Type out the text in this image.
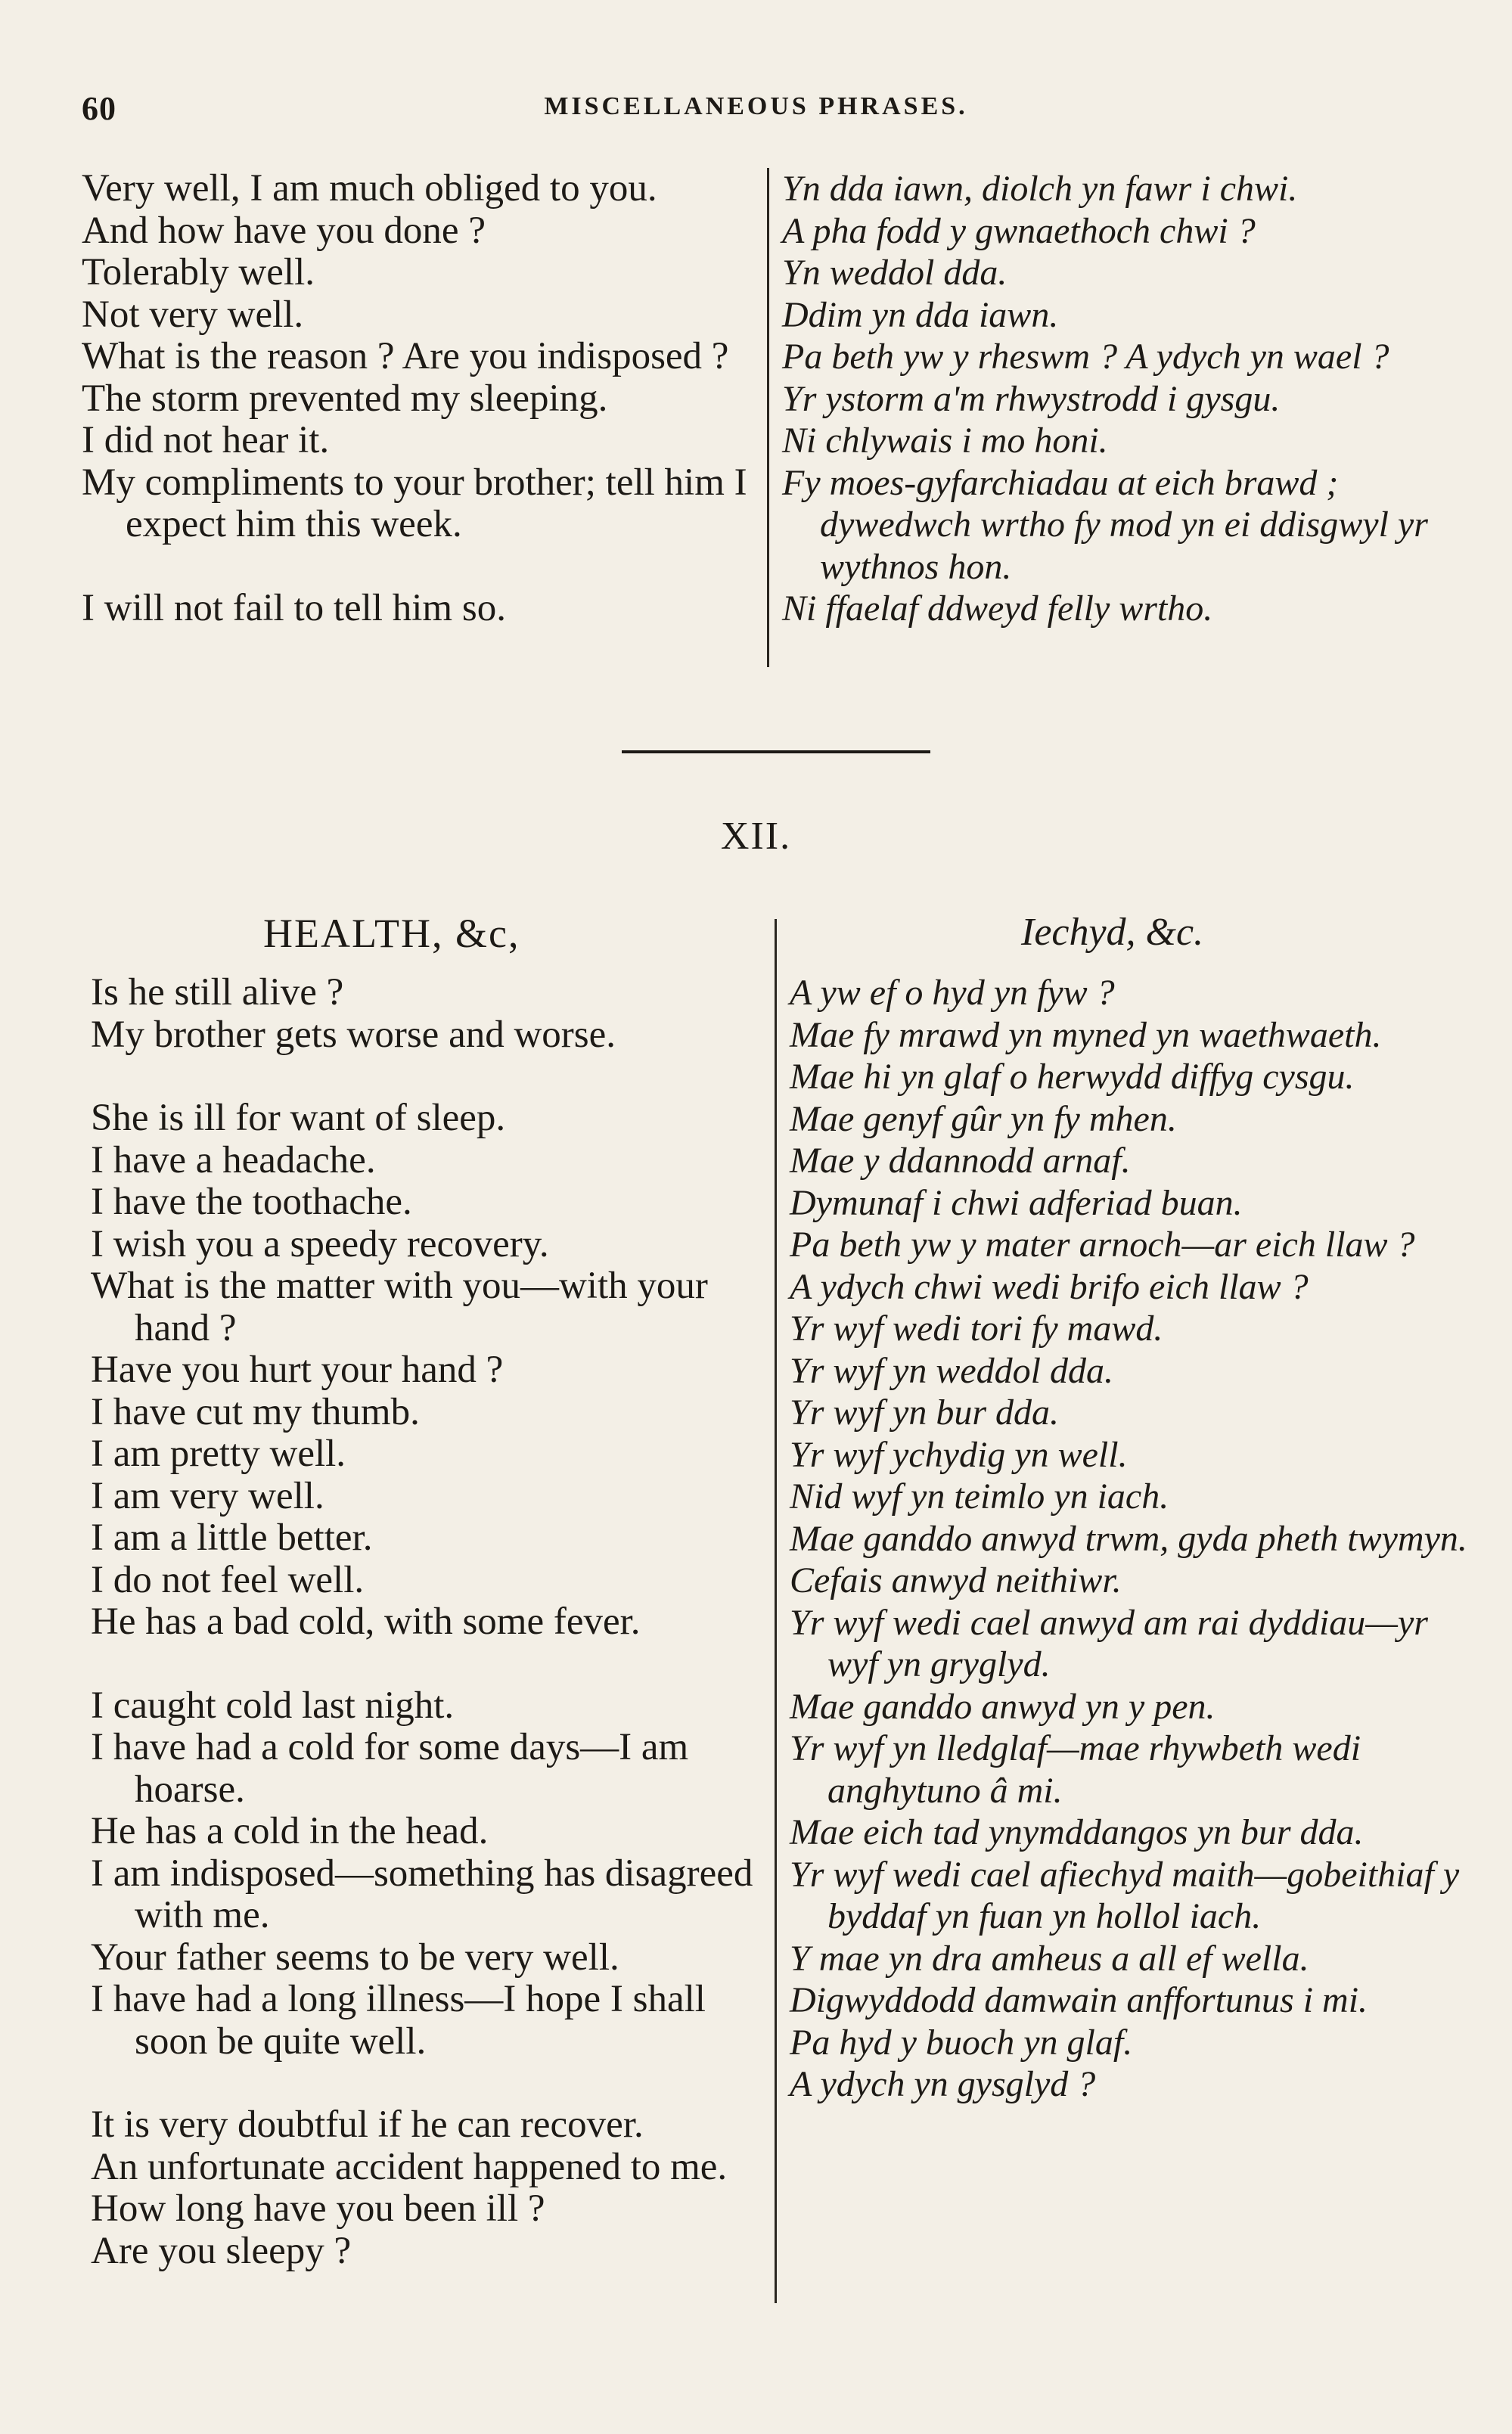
60	MISCELLANEOUS PHRASES.

Very well, I am much obliged to you.

And how have you done ?

Tolerably well.

Not very well.

What is the reason ? Are you indisposed ?

The storm prevented my sleeping.

I did not hear it.

My compliments to your brother; tell him I expect him this week.

I will not fail to tell him so.

Yn dda iawn, diolch yn fawr i chwi.

A pha fodd y gwnaethoch chwi ?

Yn weddol dda.

Ddim yn dda iawn.

Pa beth yw y rheswm ? A ydych yn wael ?

Yr ystorm a'm rhwystrodd i gysgu.

Ni chlywais i mo honi.

Fy moes-gyfarchiadau at eich brawd ; dywedwch wrtho fy mod yn ei ddisgwyl yr wythnos hon.

Ni ffaelaf ddweyd felly wrtho.

XII.
HEALTH, &c,	Iechyd, &c.

Is he still alive ?

My brother gets worse and worse.

She is ill for want of sleep.

I have a headache.

I have the toothache.

I wish you a speedy recovery.

What is the matter with you—with your hand ?

Have you hurt your hand ?

I have cut my thumb.

I am pretty well.

I am very well.

I am a little better.

I do not feel well.

He has a bad cold, with some fever.

I caught cold last night.

I have had a cold for some days—I am hoarse.

He has a cold in the head.

I am indisposed—something has disagreed with me.

Your father seems to be very well.

I have had a long illness—I hope I shall soon be quite well.

It is very doubtful if he can recover.

An unfortunate accident happened to me.

How long have you been ill ?

Are you sleepy ?

A yw ef o hyd yn fyw ?

Mae fy mrawd yn myned yn waethwaeth.

Mae hi yn glaf o herwydd diffyg cysgu.

Mae genyf gûr yn fy mhen.

Mae y ddannodd arnaf.

Dymunaf i chwi adferiad buan.

Pa beth yw y mater arnoch—ar eich llaw ?

A ydych chwi wedi brifo eich llaw ?

Yr wyf wedi tori fy mawd.

Yr wyf yn weddol dda.

Yr wyf yn bur dda.

Yr wyf ychydig yn well.

Nid wyf yn teimlo yn iach.

Mae ganddo anwyd trwm, gyda pheth twymyn.

Cefais anwyd neithiwr.

Yr wyf wedi cael anwyd am rai dyddiau—yr wyf yn gryglyd.

Mae ganddo anwyd yn y pen.

Yr wyf yn lledglaf—mae rhywbeth wedi anghytuno â mi.

Mae eich tad ynymddangos yn bur dda.

Yr wyf wedi cael afiechyd maith—gobeithiaf y byddaf yn fuan yn hollol iach.

Y mae yn dra amheus a all ef wella.

Digwyddodd damwain anffortunus i mi.

Pa hyd y buoch yn glaf.

A ydych yn gysglyd ?
